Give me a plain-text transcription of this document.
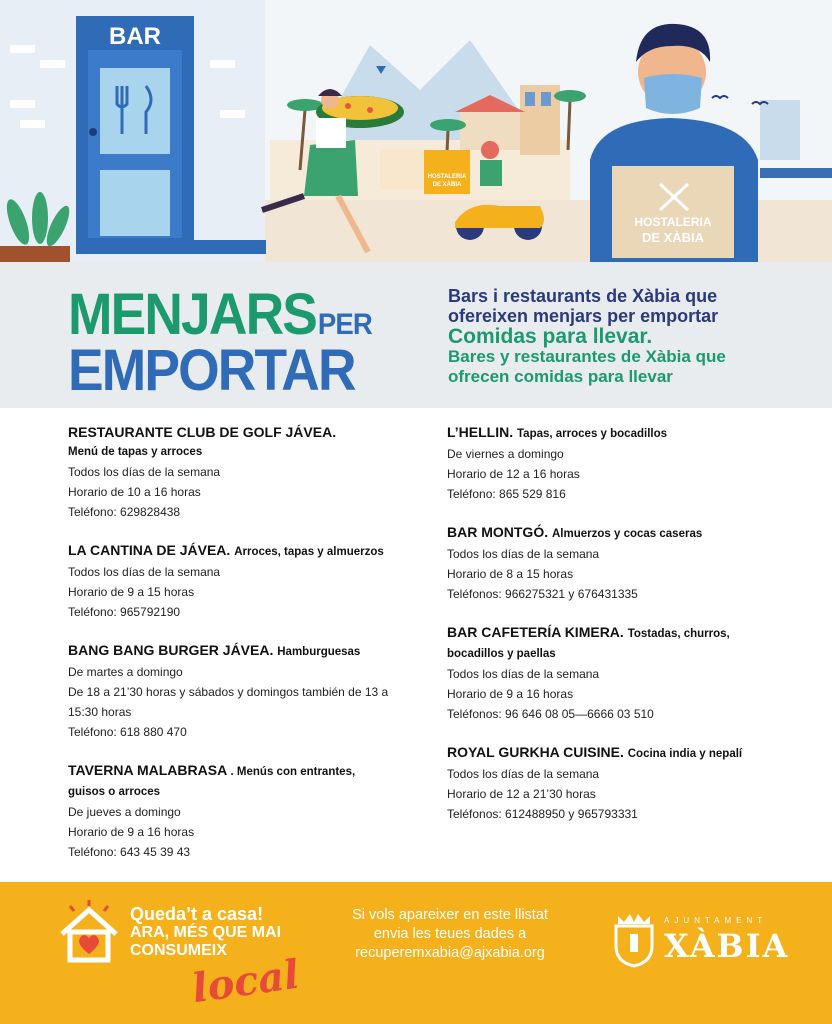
HOSTALERIA
DE XÀBIA
HOSTALERIA
DE XÀBIA
BAR
MENJARSPER
EMPORTAR
Bars i restaurants de Xàbia que ofereixen menjars per emportar
Comidas para llevar.
Bares y restaurantes de Xàbia que ofrecen comidas para llevar
RESTAURANTE CLUB DE GOLF JÁVEA.
Menú de tapas y arroces
Todos los días de la semana
Horario de 10 a 16 horas
Teléfono: 629828438
LA CANTINA DE JÁVEA. Arroces, tapas y almuerzos
Todos los días de la semana
Horario de 9 a 15 horas
Teléfono: 965792190
BANG BANG BURGER JÁVEA. Hamburguesas
De martes a domingo
De 18 a 21’30 horas y sábados y domingos también de 13 a 15:30 horas
Teléfono: 618 880 470
TAVERNA MALABRASA . Menús con entrantes,
guisos o arroces
De jueves a domingo
Horario de 9 a 16 horas
Teléfono: 643 45 39 43
L’HELLIN. Tapas, arroces y bocadillos
De viernes a domingo
Horario de 12 a 16 horas
Teléfono: 865 529 816
BAR MONTGÓ. Almuerzos y cocas caseras
Todos los días de la semana
Horario de 8 a 15 horas
Teléfonos: 966275321 y 676431335
BAR CAFETERÍA KIMERA. Tostadas, churros,
bocadillos y paellas
Todos los días de la semana
Horario de 9 a 16 horas
Teléfonos: 96 646 08 05—6666 03 510
ROYAL GURKHA CUISINE. Cocina india y nepalí
Todos los días de la semana
Horario de 12 a 21’30 horas
Teléfonos: 612488950 y 965793331
Queda’t a casa!
ARA, MÉS QUE MAI
CONSUMEIX
local
Si vols apareixer en este llistat
envia les teues dades a
recuperemxabia@ajxabia.org
AJUNTAMENT
XÀBIA
